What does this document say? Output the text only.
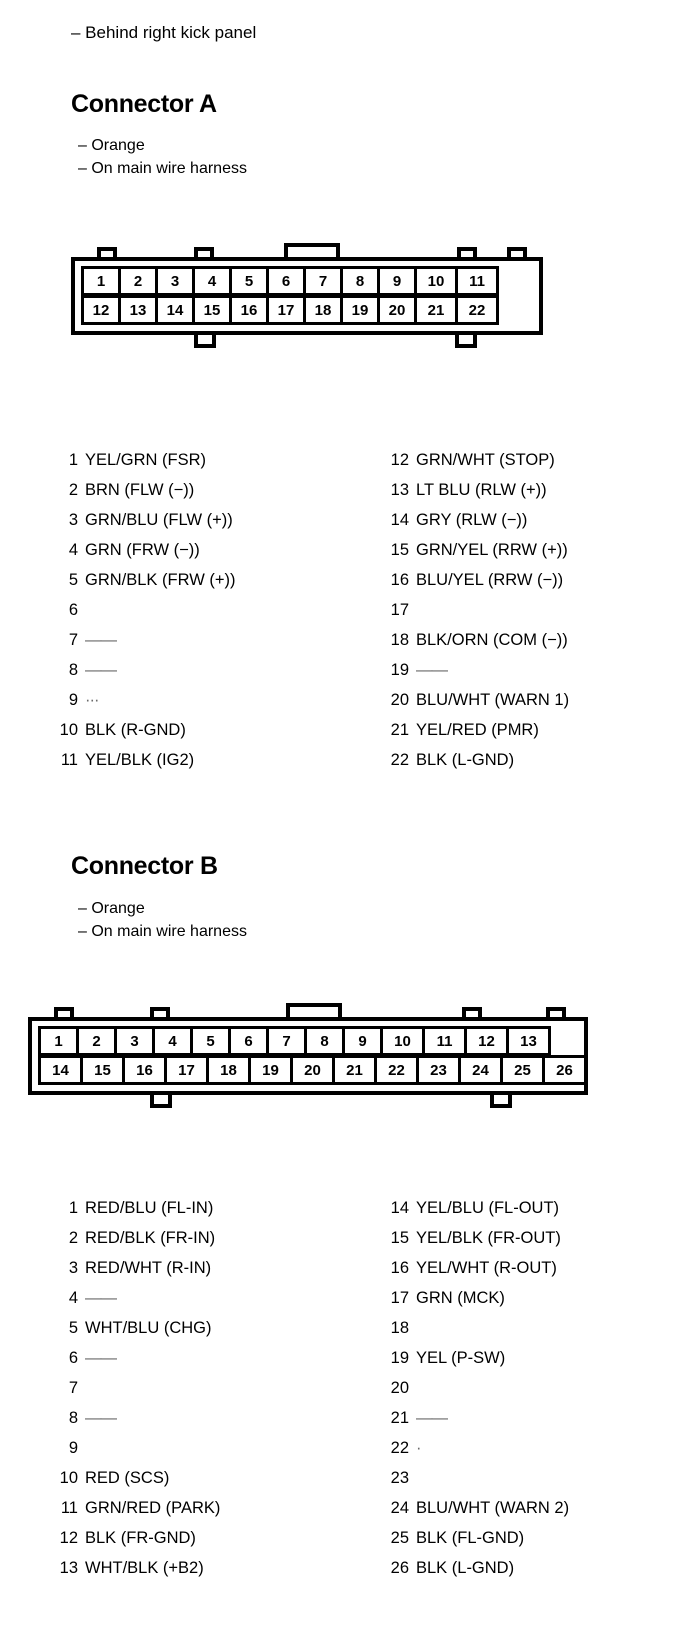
– Behind right kick panel
Connector A
– Orange
– On main wire harness
1	2	3	4	5	6	7	8	9	10	11
12	13	14	15	16	17	18	19	20	21	22
1 YEL/GRN (FSR)
2 BRN (FLW (−))
3 GRN/BLU (FLW (+))
4 GRN (FRW (−))
5 GRN/BLK (FRW (+))
6
7 ——
8 ——
9 ···
10 BLK (R-GND)
11 YEL/BLK (IG2)
12 GRN/WHT (STOP)
13 LT BLU (RLW (+))
14 GRY (RLW (−))
15 GRN/YEL (RRW (+))
16 BLU/YEL (RRW (−))
17
18 BLK/ORN (COM (−))
19 ——
20 BLU/WHT (WARN 1)
21 YEL/RED (PMR)
22 BLK (L-GND)
Connector B
– Orange
– On main wire harness
1	2	3	4	5	6	7	8	9	10	11	12	13
14	15	16	17	18	19	20	21	22	23	24	25	26
1 RED/BLU (FL-IN)
2 RED/BLK (FR-IN)
3 RED/WHT (R-IN)
4 ——
5 WHT/BLU (CHG)
6 ——
7
8 ——
9
10 RED (SCS)
11 GRN/RED (PARK)
12 BLK (FR-GND)
13 WHT/BLK (+B2)
14 YEL/BLU (FL-OUT)
15 YEL/BLK (FR-OUT)
16 YEL/WHT (R-OUT)
17 GRN (MCK)
18
19 YEL (P-SW)
20
21 ——
22 ·
23
24 BLU/WHT (WARN 2)
25 BLK (FL-GND)
26 BLK (L-GND)
